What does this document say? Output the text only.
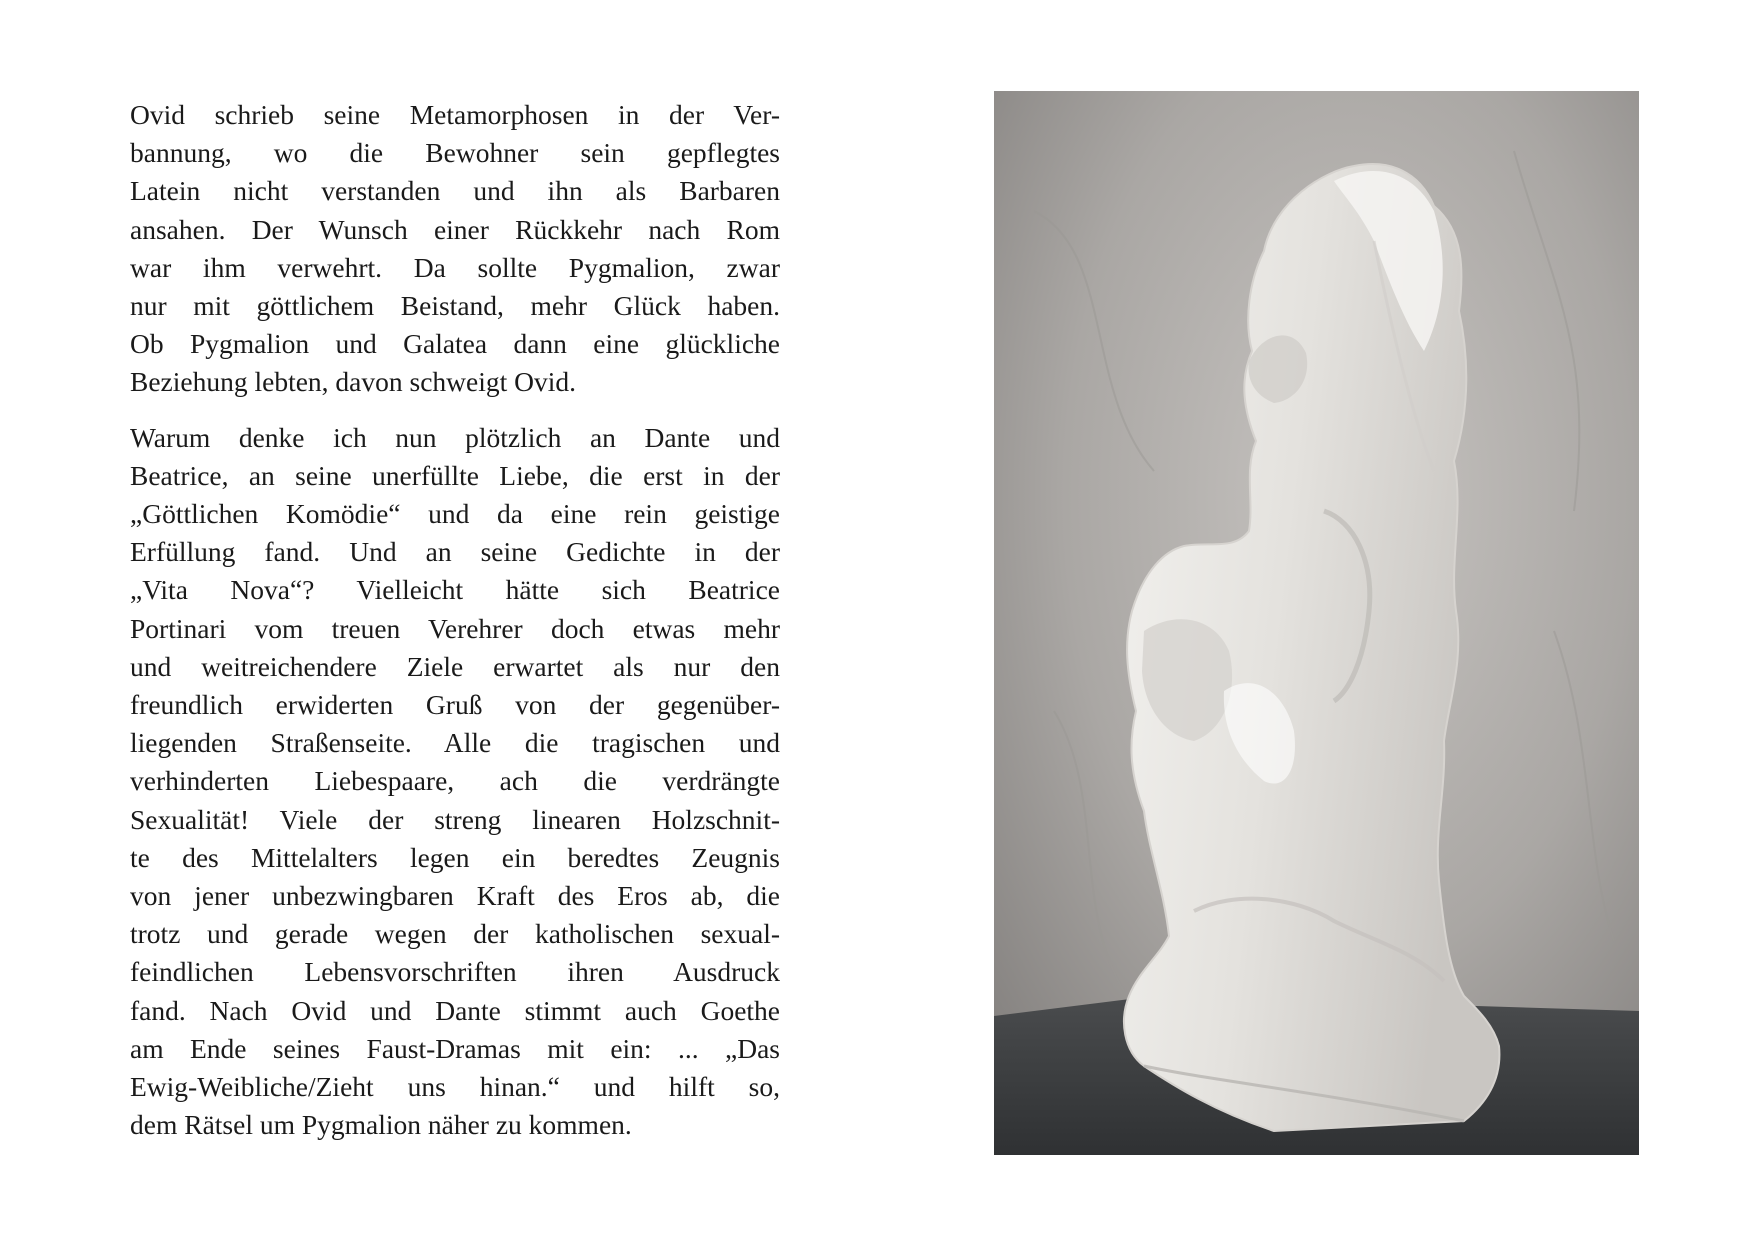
Ovid schrieb seine Metamorphosen in der Ver-
bannung, wo die Bewohner sein gepflegtes
Latein nicht verstanden und ihn als Barbaren
ansahen. Der Wunsch einer Rückkehr nach Rom
war ihm verwehrt. Da sollte Pygmalion, zwar
nur mit göttlichem Beistand, mehr Glück haben.
Ob Pygmalion und Galatea dann eine glückliche
Beziehung lebten, davon schweigt Ovid.

Warum denke ich nun plötzlich an Dante und
Beatrice, an seine unerfüllte Liebe, die erst in der
„Göttlichen Komödie“ und da eine rein geistige
Erfüllung fand. Und an seine Gedichte in der
„Vita Nova“? Vielleicht hätte sich Beatrice
Portinari vom treuen Verehrer doch etwas mehr
und weitreichendere Ziele erwartet als nur den
freundlich erwiderten Gruß von der gegenüber-
liegenden Straßenseite. Alle die tragischen und
verhinderten Liebespaare, ach die verdrängte
Sexualität! Viele der streng linearen Holzschnit-
te des Mittelalters legen ein beredtes Zeugnis
von jener unbezwingbaren Kraft des Eros ab, die
trotz und gerade wegen der katholischen sexual-
feindlichen Lebensvorschriften ihren Ausdruck
fand. Nach Ovid und Dante stimmt auch Goethe
am Ende seines Faust-Dramas mit ein: ... „Das
Ewig-Weibliche/Zieht uns hinan.“ und hilft so,
dem Rätsel um Pygmalion näher zu kommen.
